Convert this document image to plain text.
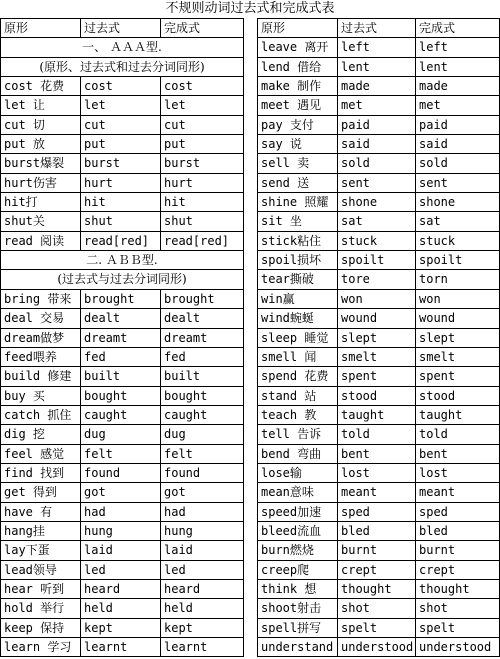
不规则动词过去式和完成式表
原形	过去式	完成式
一、 ＡＡＡ型.
(原形、过去式和过去分词同形)
cost 花费	cost	cost
let 让	let	let
cut 切	cut	cut
put 放	put	put
burst爆裂	burst	burst
hurt伤害	hurt	hurt
hit打	hit	hit
shut关	shut	shut
read 阅读	read[red]	read[red]
二. ＡＢＢ型.
(过去式与过去分词同形)
bring 带来	brought	brought
deal 交易	dealt	dealt
dream做梦	dreamt	dreamt
feed喂养	fed	fed
build 修建	built	built
buy 买	bought	bought
catch 抓住	caught	caught
dig 挖	dug	dug
feel 感觉	felt	felt
find 找到	found	found
get 得到	got	got
have 有	had	had
hang挂	hung	hung
lay下蛋	laid	laid
lead领导	led	led
hear 听到	heard	heard
hold 举行	held	held
keep 保持	kept	kept
learn 学习	learnt	learnt
原形	过去式	完成式
leave 离开	left	left
lend 借给	lent	lent
make 制作	made	made
meet 遇见	met	met
pay 支付	paid	paid
say 说	said	said
sell 卖	sold	sold
send 送	sent	sent
shine 照耀	shone	shone
sit 坐	sat	sat
stick粘住	stuck	stuck
spoil损坏	spoilt	spoilt
tear撕破	tore	torn
win赢	won	won
wind蜿蜒	wound	wound
sleep 睡觉	slept	slept
smell 闻	smelt	smelt
spend 花费	spent	spent
stand 站	stood	stood
teach 教	taught	taught
tell 告诉	told	told
bend 弯曲	bent	bent
lose输	lost	lost
mean意味	meant	meant
speed加速	sped	sped
bleed流血	bled	bled
burn燃烧	burnt	burnt
creep爬	crept	crept
think 想	thought	thought
shoot射击	shot	shot
spell拼写	spelt	spelt
understand understood understood
